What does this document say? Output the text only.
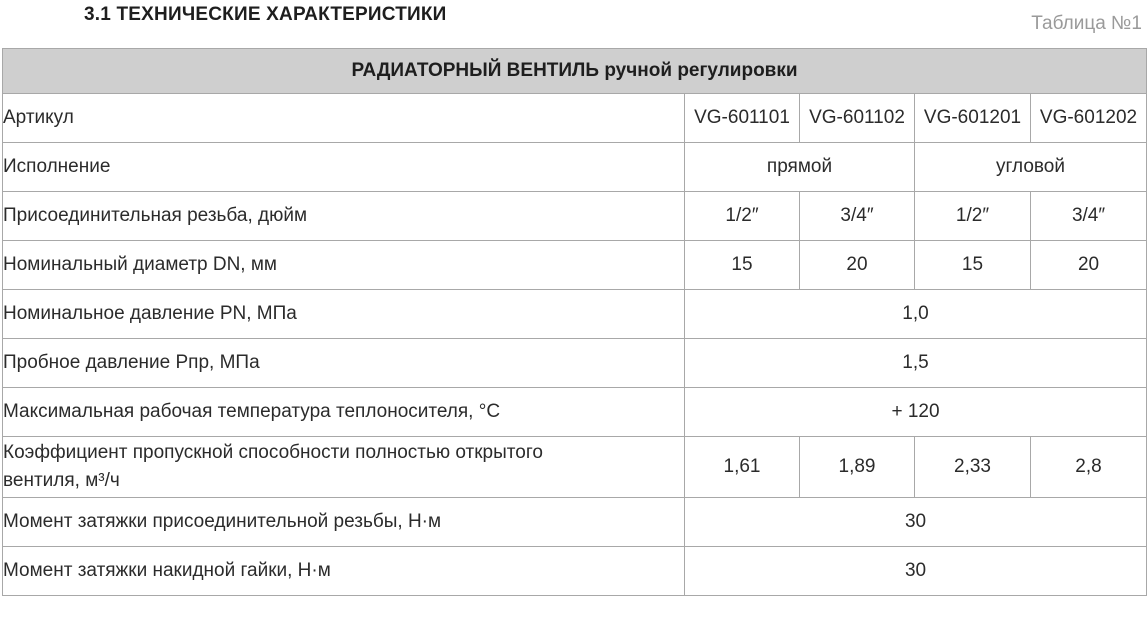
3.1 ТЕХНИЧЕСКИЕ ХАРАКТЕРИСТИКИ	Таблица №1
РАДИАТОРНЫЙ ВЕНТИЛЬ ручной регулировки				
Артикул	VG-601101	VG-601102	VG-601201	VG-601202
Исполнение	прямой		угловой	
Присоединительная резьба, дюйм	1/2″	3/4″	1/2″	3/4″
Номинальный диаметр DN, мм	15	20	15	20
Номинальное давление PN, МПа	1,0			
Пробное давление Рпр, МПа	1,5			
Максимальная рабочая температура теплоносителя, °С	+ 120			
Коэффициент пропускной способности полностью открытого
вентиля, м³/ч	1,61	1,89	2,33	2,8
Момент затяжки присоединительной резьбы, Н·м	30			
Момент затяжки накидной гайки, Н·м	30			
